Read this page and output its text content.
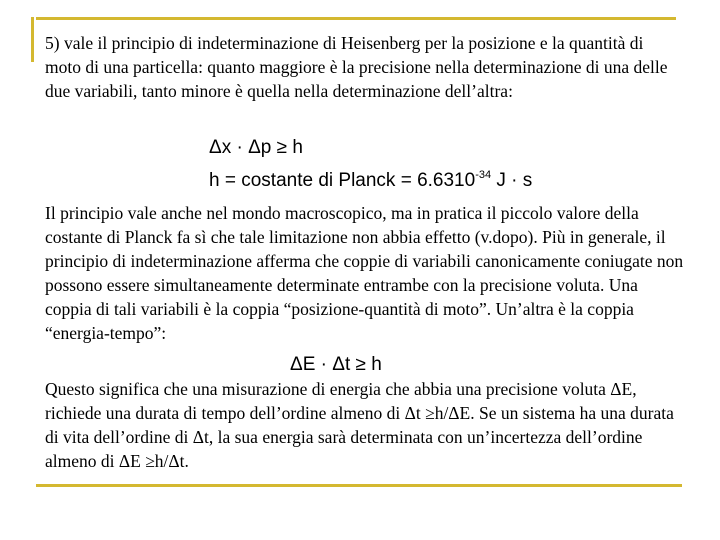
5) vale il principio di indeterminazione di Heisenberg per la posizione e la quantità di moto di una particella: quanto maggiore è la precisione nella determinazione di una delle due variabili, tanto minore è quella nella determinazione dell’altra:

Δx · Δp ≥ h
h = costante di Planck = $6.6310^{-34}$ J · s

Il principio vale anche nel mondo macroscopico, ma in pratica il piccolo valore della costante di Planck fa sì che tale limitazione non abbia effetto (v.dopo). Più in generale, il principio di indeterminazione afferma che coppie di variabili canonicamente coniugate non possono essere simultaneamente determinate entrambe con la precisione voluta. Una coppia di tali variabili è la coppia “posizione-quantità di moto”. Un’altra è la coppia “energia-tempo”:

ΔE · Δt ≥ h

Questo significa che una misurazione di energia che abbia una precisione voluta ΔE, richiede una durata di tempo dell’ordine almeno di Δt ≥h/ΔE. Se un sistema ha una durata di vita dell’ordine di Δt, la sua energia sarà determinata con un’incertezza dell’ordine almeno di ΔE ≥h/Δt.
